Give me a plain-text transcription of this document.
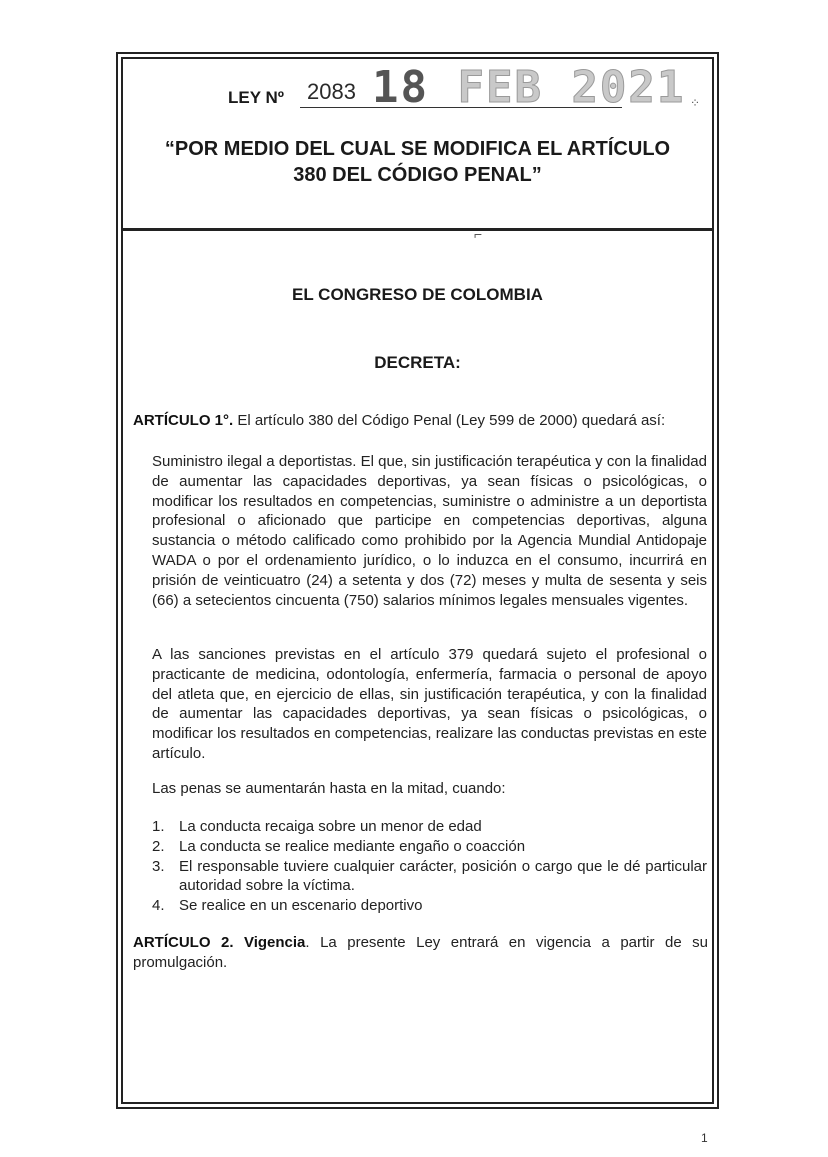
LEY Nº 2083 18 FEB 2021
“POR MEDIO DEL CUAL SE MODIFICA EL ARTÍCULO
380 DEL CÓDIGO PENAL”
EL CONGRESO DE COLOMBIA
DECRETA:
ARTÍCULO 1°. El artículo 380 del Código Penal (Ley 599 de 2000) quedará así:
Suministro ilegal a deportistas. El que, sin justificación terapéutica y con la finalidad de aumentar las capacidades deportivas, ya sean físicas o psicológicas, o modificar los resultados en competencias, suministre o administre a un deportista profesional o aficionado que participe en competencias deportivas, alguna sustancia o método calificado como prohibido por la Agencia Mundial Antidopaje WADA o por el ordenamiento jurídico, o lo induzca en el consumo, incurrirá en prisión de veinticuatro (24) a setenta y dos (72) meses y multa de sesenta y seis (66) a setecientos cincuenta (750) salarios mínimos legales mensuales vigentes.
A las sanciones previstas en el artículo 379 quedará sujeto el profesional o practicante de medicina, odontología, enfermería, farmacia o personal de apoyo del atleta que, en ejercicio de ellas, sin justificación terapéutica, y con la finalidad de aumentar las capacidades deportivas, ya sean físicas o psicológicas, o modificar los resultados en competencias, realizare las conductas previstas en este artículo.
Las penas se aumentarán hasta en la mitad, cuando:
1. La conducta recaiga sobre un menor de edad
2. La conducta se realice mediante engaño o coacción
3. El responsable tuviere cualquier carácter, posición o cargo que le dé particular autoridad sobre la víctima.
4. Se realice en un escenario deportivo
ARTÍCULO 2. Vigencia. La presente Ley entrará en vigencia a partir de su promulgación.
⁘
⌐
1
